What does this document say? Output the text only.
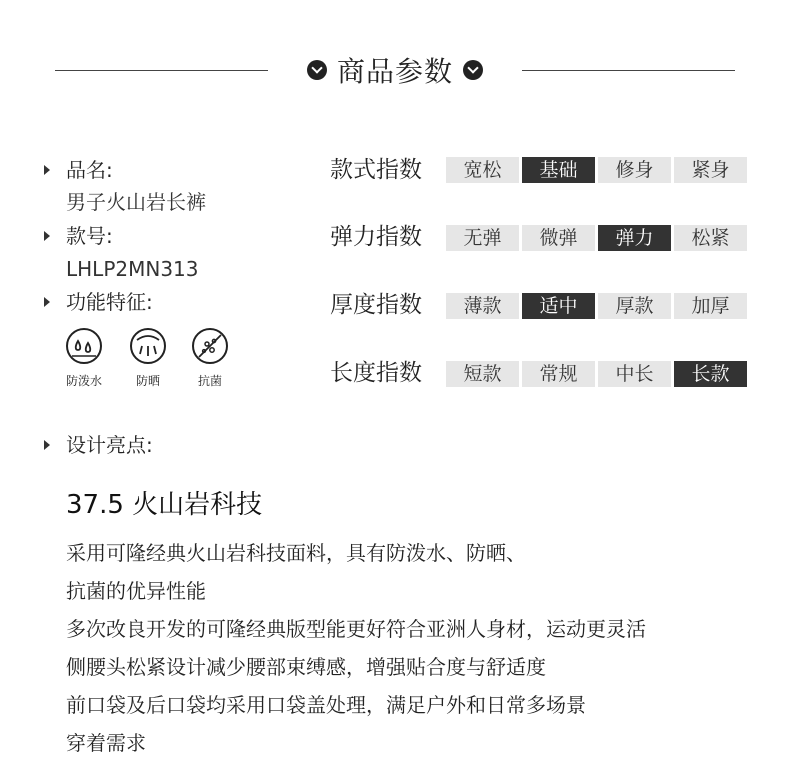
商品参数
品名:
男子火山岩长裤
款号:
LHLP2MN313
功能特征:
防泼水	防晒	抗菌
款式指数	宽松	基础	修身	紧身
弹力指数	无弹	微弹	弹力	松紧
厚度指数	薄款	适中	厚款	加厚
长度指数	短款	常规	中长	长款
设计亮点:
37.5 火山岩科技
采用可隆经典火山岩科技面料，具有防泼水、防晒、
抗菌的优异性能
多次改良开发的可隆经典版型能更好符合亚洲人身材，运动更灵活
侧腰头松紧设计减少腰部束缚感，增强贴合度与舒适度
前口袋及后口袋均采用口袋盖处理，满足户外和日常多场景
穿着需求
